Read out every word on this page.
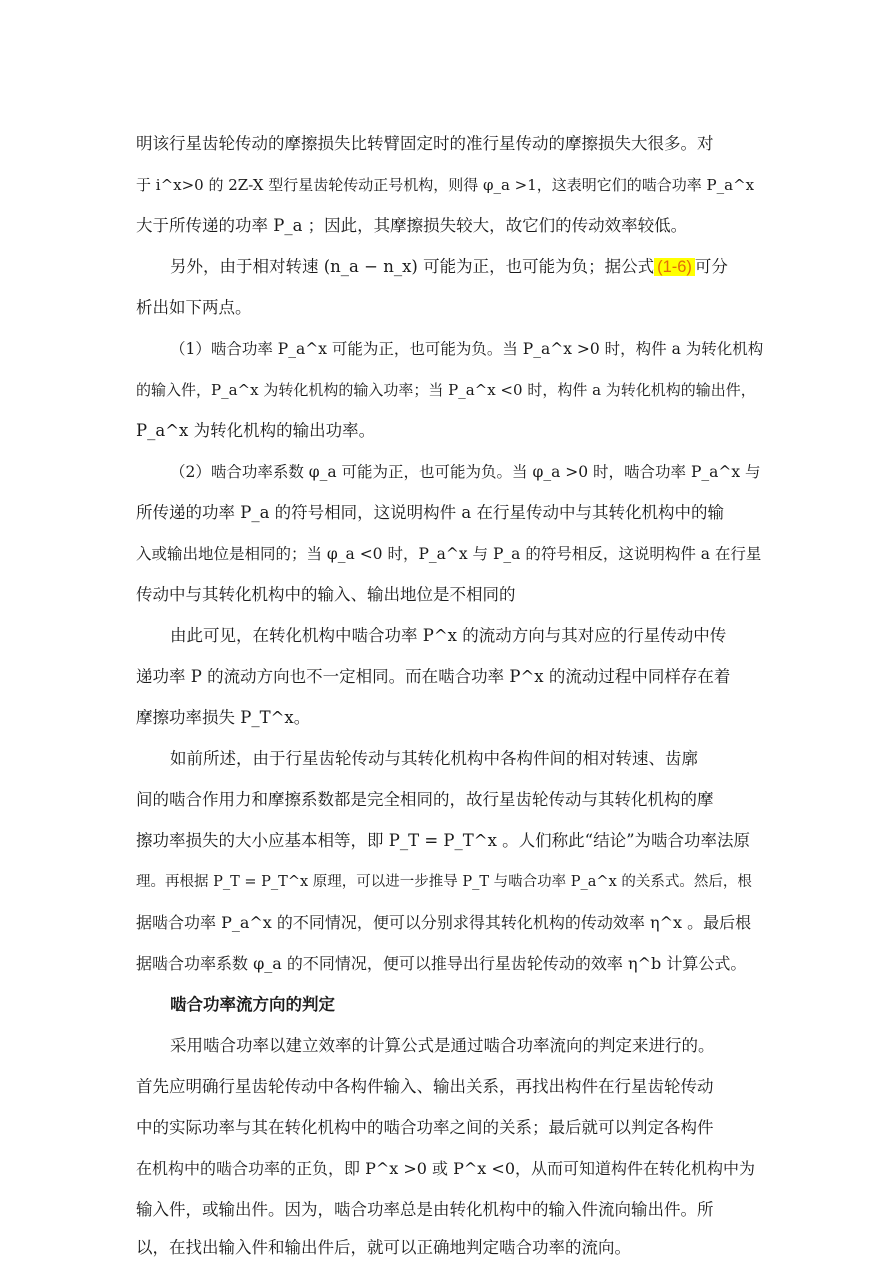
明该行星齿轮传动的摩擦损失比转臂固定时的准行星传动的摩擦损失大很多。对
于 i^x>0 的 2Z-X 型行星齿轮传动正号机构，则得 φ_a >1，这表明它们的啮合功率 P_a^x
大于所传递的功率 P_a ；因此，其摩擦损失较大，故它们的传动效率较低。
另外，由于相对转速 (n_a − n_x) 可能为正，也可能为负；据公式 (1-6) 可分
析出如下两点。
（1）啮合功率 P_a^x 可能为正，也可能为负。当 P_a^x >0 时，构件 a 为转化机构
的输入件，P_a^x 为转化机构的输入功率；当 P_a^x <0 时，构件 a 为转化机构的输出件，
P_a^x 为转化机构的输出功率。
（2）啮合功率系数 φ_a 可能为正，也可能为负。当 φ_a >0 时，啮合功率 P_a^x 与
所传递的功率 P_a 的符号相同，这说明构件 a 在行星传动中与其转化机构中的输
入或输出地位是相同的；当 φ_a <0 时，P_a^x 与 P_a 的符号相反，这说明构件 a 在行星
传动中与其转化机构中的输入、输出地位是不相同的
由此可见，在转化机构中啮合功率 P^x 的流动方向与其对应的行星传动中传
递功率 P 的流动方向也不一定相同。而在啮合功率 P^x 的流动过程中同样存在着
摩擦功率损失 P_T^x。
如前所述，由于行星齿轮传动与其转化机构中各构件间的相对转速、齿廓
间的啮合作用力和摩擦系数都是完全相同的，故行星齿轮传动与其转化机构的摩
擦功率损失的大小应基本相等，即 P_T = P_T^x 。人们称此“结论”为啮合功率法原
理。再根据 P_T = P_T^x 原理，可以进一步推导 P_T 与啮合功率 P_a^x 的关系式。然后，根
据啮合功率 P_a^x 的不同情况，便可以分别求得其转化机构的传动效率 η^x 。最后根
据啮合功率系数 φ_a 的不同情况，便可以推导出行星齿轮传动的效率 η^b 计算公式。
啮合功率流方向的判定
采用啮合功率以建立效率的计算公式是通过啮合功率流向的判定来进行的。
首先应明确行星齿轮传动中各构件输入、输出关系，再找出构件在行星齿轮传动
中的实际功率与其在转化机构中的啮合功率之间的关系；最后就可以判定各构件
在机构中的啮合功率的正负，即 P^x >0 或 P^x <0，从而可知道构件在转化机构中为
输入件，或输出件。因为，啮合功率总是由转化机构中的输入件流向输出件。所
以，在找出输入件和输出件后，就可以正确地判定啮合功率的流向。
